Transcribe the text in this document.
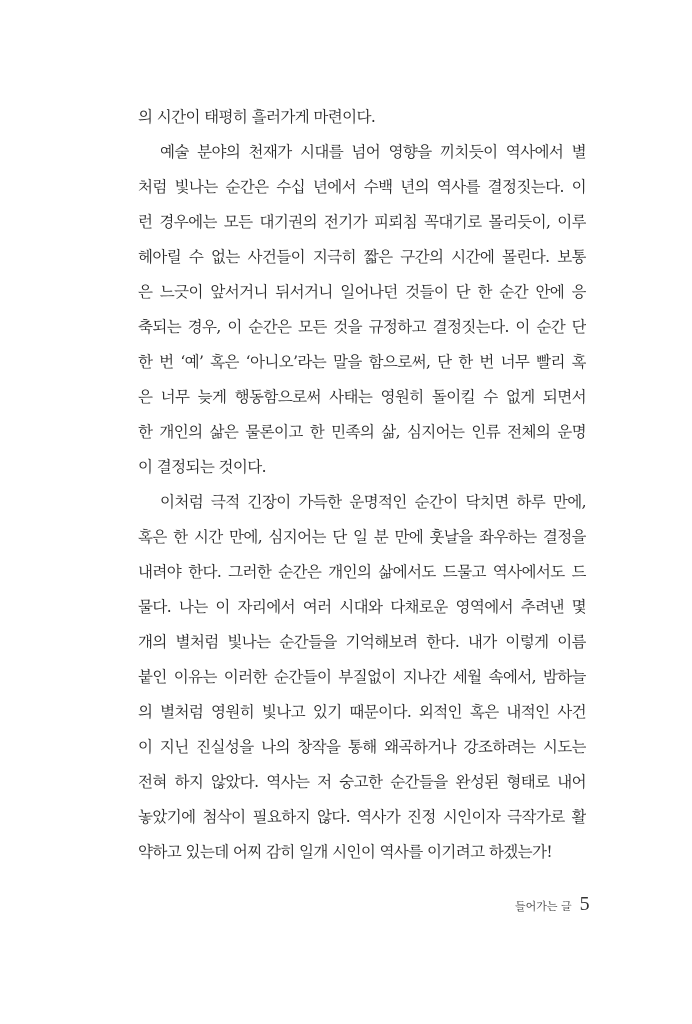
의 시간이 태평히 흘러가게 마련이다.
예술 분야의 천재가 시대를 넘어 영향을 끼치듯이 역사에서 별
처럼 빛나는 순간은 수십 년에서 수백 년의 역사를 결정짓는다. 이
런 경우에는 모든 대기권의 전기가 피뢰침 꼭대기로 몰리듯이, 이루
헤아릴 수 없는 사건들이 지극히 짧은 구간의 시간에 몰린다. 보통
은 느긋이 앞서거니 뒤서거니 일어나던 것들이 단 한 순간 안에 응
축되는 경우, 이 순간은 모든 것을 규정하고 결정짓는다. 이 순간 단
한 번 ‘예’ 혹은 ‘아니오’라는 말을 함으로써, 단 한 번 너무 빨리 혹
은 너무 늦게 행동함으로써 사태는 영원히 돌이킬 수 없게 되면서
한 개인의 삶은 물론이고 한 민족의 삶, 심지어는 인류 전체의 운명
이 결정되는 것이다.
이처럼 극적 긴장이 가득한 운명적인 순간이 닥치면 하루 만에,
혹은 한 시간 만에, 심지어는 단 일 분 만에 훗날을 좌우하는 결정을
내려야 한다. 그러한 순간은 개인의 삶에서도 드물고 역사에서도 드
물다. 나는 이 자리에서 여러 시대와 다채로운 영역에서 추려낸 몇
개의 별처럼 빛나는 순간들을 기억해보려 한다. 내가 이렇게 이름
붙인 이유는 이러한 순간들이 부질없이 지나간 세월 속에서, 밤하늘
의 별처럼 영원히 빛나고 있기 때문이다. 외적인 혹은 내적인 사건
이 지닌 진실성을 나의 창작을 통해 왜곡하거나 강조하려는 시도는
전혀 하지 않았다. 역사는 저 숭고한 순간들을 완성된 형태로 내어
놓았기에 첨삭이 필요하지 않다. 역사가 진정 시인이자 극작가로 활
약하고 있는데 어찌 감히 일개 시인이 역사를 이기려고 하겠는가!
들어가는 글 5
